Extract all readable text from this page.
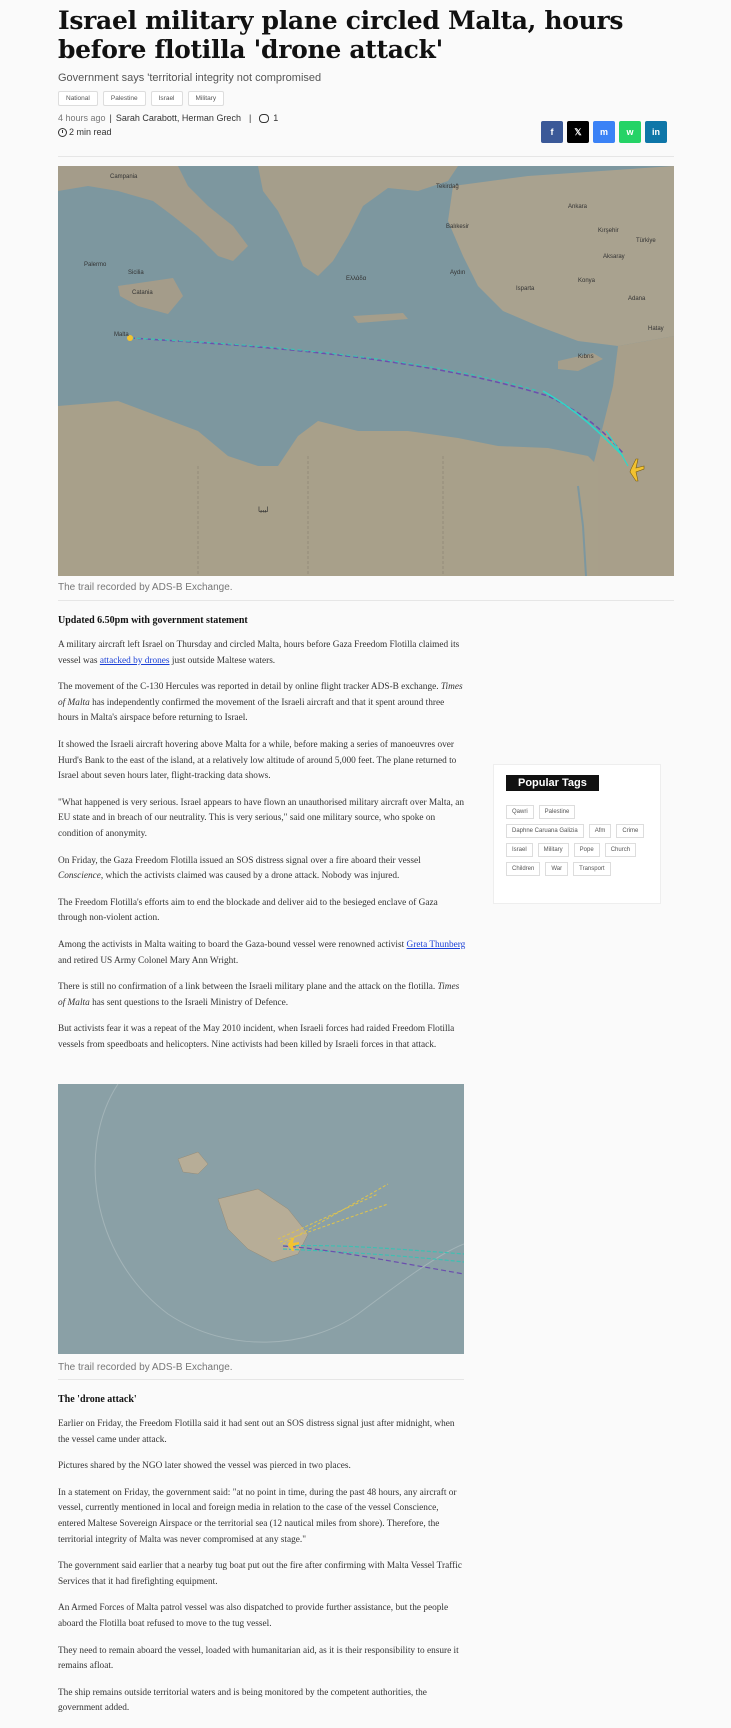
Israel military plane circled Malta, hours before flotilla 'drone attack'
Government says 'territorial integrity not compromised
National	Palestine	Israel	Military
4 hours ago | Sarah Carabott, Herman Grech | 1
2 min read	f	𝕏	m	w	in
Campania
Palermo
Sicilia
Catania
Malta
Tekirdağ
Balıkesir
Ankara
Kırşehir
Türkiye
Aksaray
Aydın
Isparta
Konya
Adana
Ελλάδα
Kıbrıs
Hatay
ليبيا
The trail recorded by ADS-B Exchange.
Updated 6.50pm with government statement

A military aircraft left Israel on Thursday and circled Malta, hours before Gaza Freedom Flotilla claimed its vessel was attacked by drones just outside Maltese waters.

The movement of the C-130 Hercules was reported in detail by online flight tracker ADS-B exchange. Times of Malta has independently confirmed the movement of the Israeli aircraft and that it spent around three hours in Malta's airspace before returning to Israel.

It showed the Israeli aircraft hovering above Malta for a while, before making a series of manoeuvres over Hurd's Bank to the east of the island, at a relatively low altitude of around 5,000 feet. The plane returned to Israel about seven hours later, flight-tracking data shows.

"What happened is very serious. Israel appears to have flown an unauthorised military aircraft over Malta, an EU state and in breach of our neutrality. This is very serious," said one military source, who spoke on condition of anonymity.

On Friday, the Gaza Freedom Flotilla issued an SOS distress signal over a fire aboard their vessel Conscience, which the activists claimed was caused by a drone attack. Nobody was injured.

The Freedom Flotilla's efforts aim to end the blockade and deliver aid to the besieged enclave of Gaza through non-violent action.

Among the activists in Malta waiting to board the Gaza-bound vessel were renowned activist Greta Thunberg and retired US Army Colonel Mary Ann Wright.

There is still no confirmation of a link between the Israeli military plane and the attack on the flotilla. Times of Malta has sent questions to the Israeli Ministry of Defence.

But activists fear it was a repeat of the May 2010 incident, when Israeli forces had raided Freedom Flotilla vessels from speedboats and helicopters. Nine activists had been killed by Israeli forces in that attack.

The trail recorded by ADS-B Exchange.
The 'drone attack'

Earlier on Friday, the Freedom Flotilla said it had sent out an SOS distress signal just after midnight, when the vessel came under attack.

Pictures shared by the NGO later showed the vessel was pierced in two places.

In a statement on Friday, the government said: "at no point in time, during the past 48 hours, any aircraft or vessel, currently mentioned in local and foreign media in relation to the case of the vessel Conscience, entered Maltese Sovereign Airspace or the territorial sea (12 nautical miles from shore). Therefore, the territorial integrity of Malta was never compromised at any stage."

The government said earlier that a nearby tug boat put out the fire after confirming with Malta Vessel Traffic Services that it had firefighting equipment.

An Armed Forces of Malta patrol vessel was also dispatched to provide further assistance, but the people aboard the Flotilla boat refused to move to the tug vessel.

They need to remain aboard the vessel, loaded with humanitarian aid, as it is their responsibility to ensure it remains afloat.

The ship remains outside territorial waters and is being monitored by the competent authorities, the government added.

Popular Tags
Qawri	Palestine
Daphne Caruana Galizia	Afm	Crime
Israel	Military	Pope	Church
Children	War	Transport
